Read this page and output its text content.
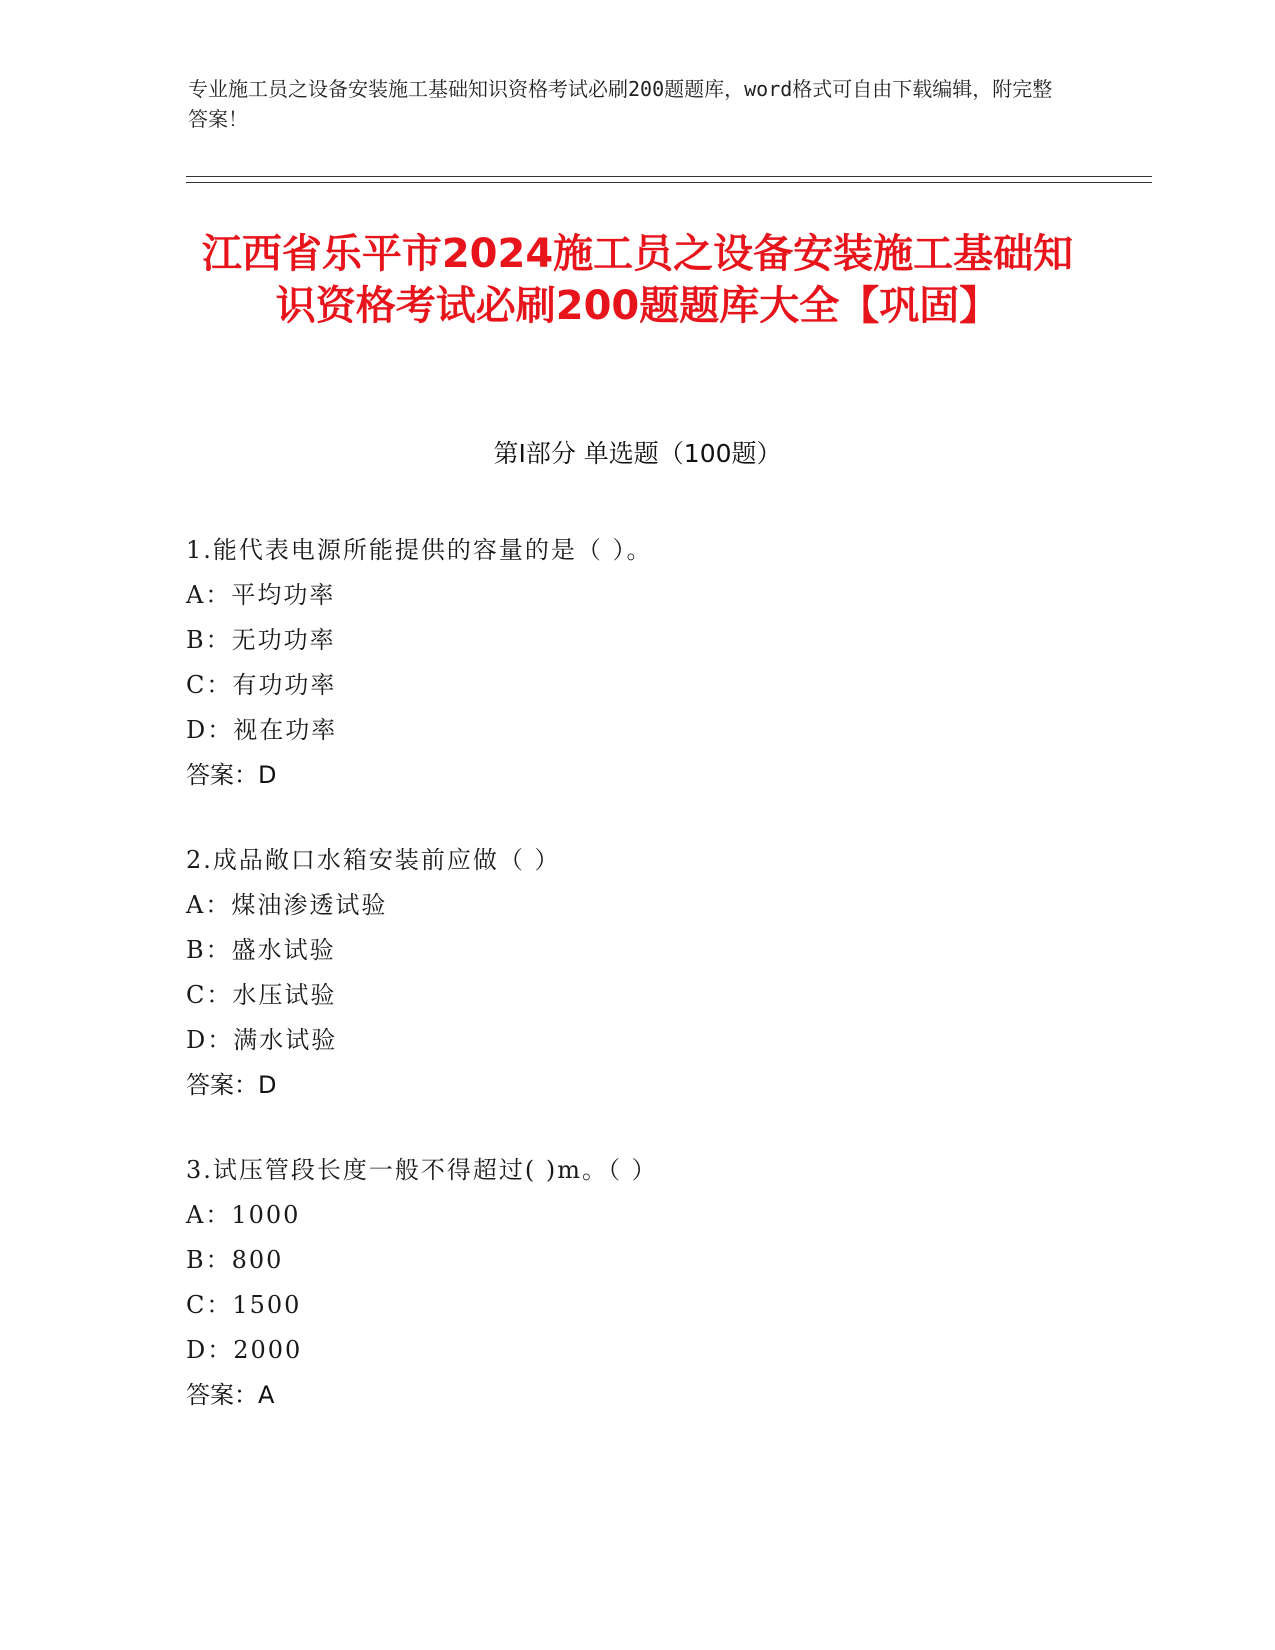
专业施工员之设备安装施工基础知识资格考试必刷200题题库，word格式可自由下载编辑，附完整答案！
江西省乐平市2024施工员之设备安装施工基础知识资格考试必刷200题题库大全【巩固】
第Ⅰ部分 单选题（100题）
1.能代表电源所能提供的容量的是（ ）。
A：平均功率
B：无功功率
C：有功功率
D：视在功率
答案：D
2.成品敞口水箱安装前应做（ ）
A：煤油渗透试验
B：盛水试验
C：水压试验
D：满水试验
答案：D
3.试压管段长度一般不得超过( )m。（ ）
A：1000
B：800
C：1500
D：2000
答案：A
